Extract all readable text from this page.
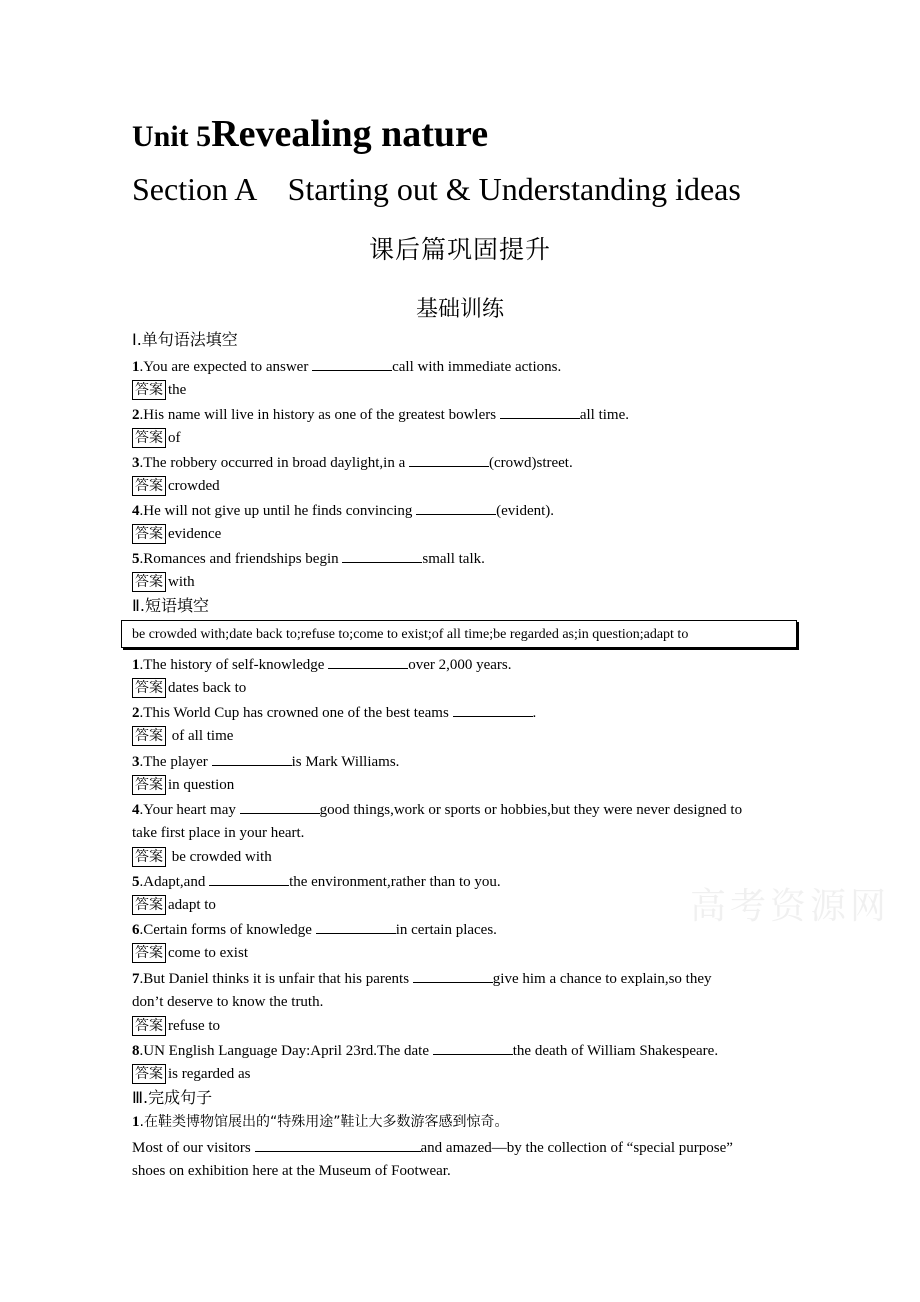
Unit 5Revealing nature
Section A　Starting out & Understanding ideas
课后篇巩固提升
基础训练
Ⅰ.单句语法填空
1.You are expected to answer	call with immediate actions.
答案 the
2.His name will live in history as one of the greatest bowlers	all time.
答案 of
3.The robbery occurred in broad daylight,in a	(crowd)street.
答案 crowded
4.He will not give up until he finds convincing	(evident).
答案 evidence
5.Romances and friendships begin	small talk.
答案 with
Ⅱ.短语填空
be crowded with;date back to;refuse to;come to exist;of all time;be regarded as;in question;adapt to
1.The history of self-knowledge	over 2,000 years.
答案 dates back to
2.This World Cup has crowned one of the best teams	.
答案 of all time
3.The player	is Mark Williams.
答案 in question
4.Your heart may	good things,work or sports or hobbies,but they were never designed to
take first place in your heart.
答案 be crowded with
5.Adapt,and	the environment,rather than to you.
答案 adapt to
6.Certain forms of knowledge	in certain places.
答案 come to exist
7.But Daniel thinks it is unfair that his parents	give him a chance to explain,so they
don’t deserve to know the truth.
答案 refuse to
8.UN English Language Day:April 23rd.The date	the death of William Shakespeare.
答案 is regarded as
Ⅲ.完成句子
1.在鞋类博物馆展出的“特殊用途”鞋让大多数游客感到惊奇。
Most of our visitors	and amazed—by the collection of “special purpose”
shoes on exhibition here at the Museum of Footwear.
高考资源网
